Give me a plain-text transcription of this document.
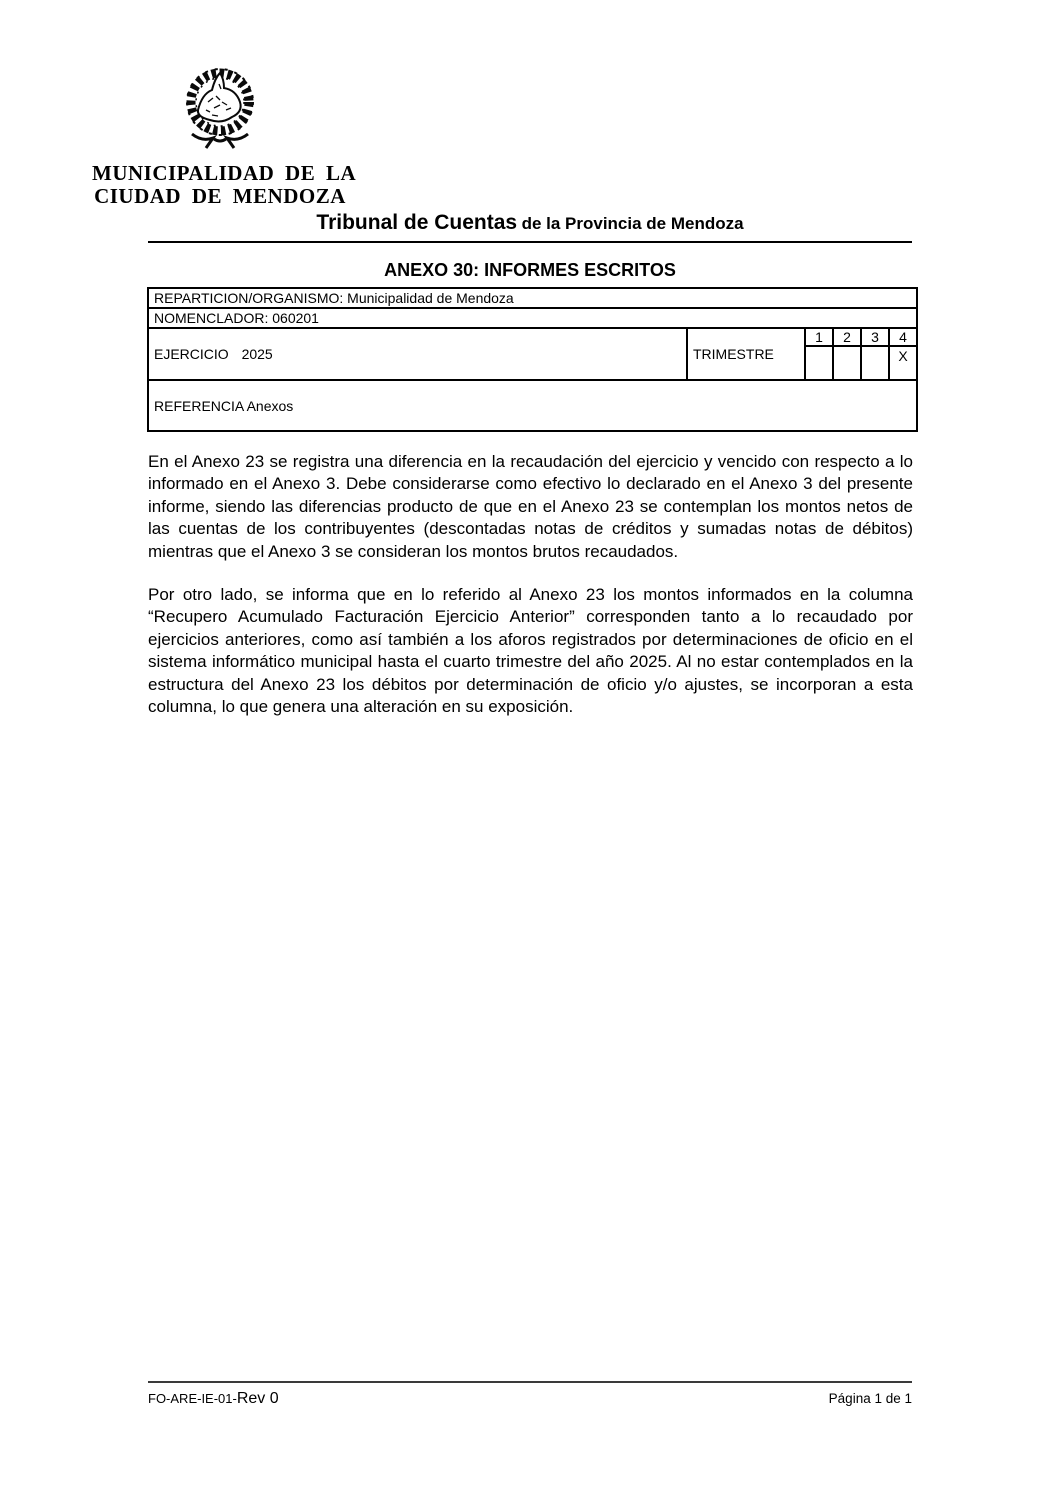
MUNICIPALIDAD DE LA
CIUDAD DE MENDOZA
Tribunal de Cuentas de la Provincia de Mendoza
ANEXO 30: INFORMES ESCRITOS
REPARTICION/ORGANISMO: Municipalidad de Mendoza					
NOMENCLADOR: 060201					
EJERCICIO 2025	TRIMESTRE	1	2	3	4
					X
REFERENCIA Anexos					

En el Anexo 23 se registra una diferencia en la recaudación del ejercicio y vencido con respecto a lo informado en el Anexo 3. Debe considerarse como efectivo lo declarado en el Anexo 3 del presente informe, siendo las diferencias producto de que en el Anexo 23 se contemplan los montos netos de las cuentas de los contribuyentes (descontadas notas de créditos y sumadas notas de débitos) mientras que el Anexo 3 se consideran los montos brutos recaudados.

Por otro lado, se informa que en lo referido al Anexo 23 los montos informados en la columna “Recupero Acumulado Facturación Ejercicio Anterior” corresponden tanto a lo recaudado por ejercicios anteriores, como así también a los aforos registrados por determinaciones de oficio en el sistema informático municipal hasta el cuarto trimestre del año 2025. Al no estar contemplados en la estructura del Anexo 23 los débitos por determinación de oficio y/o ajustes, se incorporan a esta columna, lo que genera una alteración en su exposición.

FO-ARE-IE-01-Rev 0	Página 1 de 1
